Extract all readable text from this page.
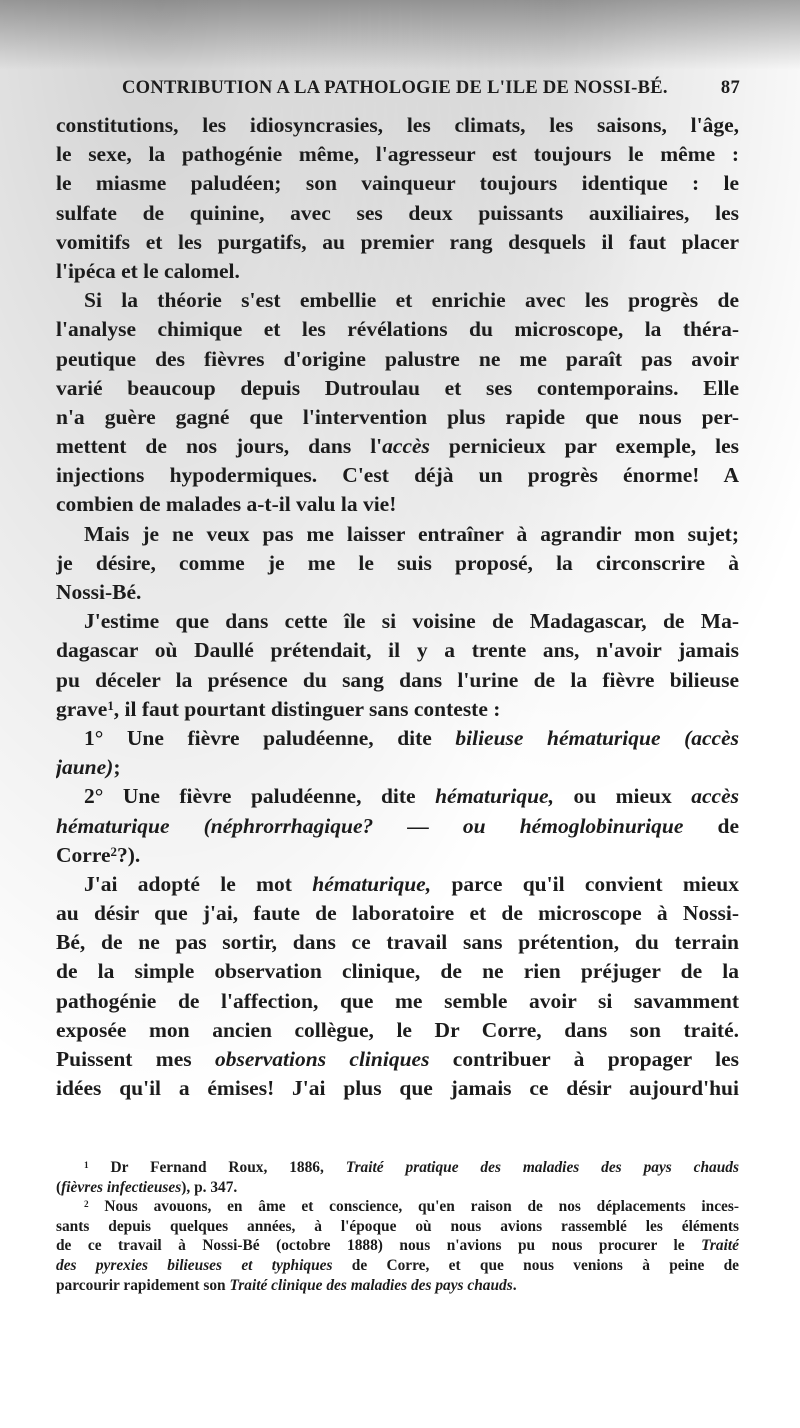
CONTRIBUTION A LA PATHOLOGIE DE L'ILE DE NOSSI-BÉ.	87
constitutions, les idiosyncrasies, les climats, les saisons, l'âge,
le sexe, la pathogénie même, l'agresseur est toujours le même :
le miasme paludéen; son vainqueur toujours identique : le
sulfate de quinine, avec ses deux puissants auxiliaires, les
vomitifs et les purgatifs, au premier rang desquels il faut placer
l'ipéca et le calomel.
Si la théorie s'est embellie et enrichie avec les progrès de
l'analyse chimique et les révélations du microscope, la théra-
peutique des fièvres d'origine palustre ne me paraît pas avoir
varié beaucoup depuis Dutroulau et ses contemporains. Elle
n'a guère gagné que l'intervention plus rapide que nous per-
mettent de nos jours, dans l'accès pernicieux par exemple, les
injections hypodermiques. C'est déjà un progrès énorme! A
combien de malades a-t-il valu la vie!
Mais je ne veux pas me laisser entraîner à agrandir mon sujet;
je désire, comme je me le suis proposé, la circonscrire à
Nossi-Bé.
J'estime que dans cette île si voisine de Madagascar, de Ma-
dagascar où Daullé prétendait, il y a trente ans, n'avoir jamais
pu déceler la présence du sang dans l'urine de la fièvre bilieuse
grave$^1$, il faut pourtant distinguer sans conteste :
1° Une fièvre paludéenne, dite bilieuse hématurique (accès
jaune);
2° Une fièvre paludéenne, dite hématurique, ou mieux accès
hématurique (néphrorrhagique? — ou hémoglobinurique de
Corre$^2$?).
J'ai adopté le mot hématurique, parce qu'il convient mieux
au désir que j'ai, faute de laboratoire et de microscope à Nossi-
Bé, de ne pas sortir, dans ce travail sans prétention, du terrain
de la simple observation clinique, de ne rien préjuger de la
pathogénie de l'affection, que me semble avoir si savamment
exposée mon ancien collègue, le Dr Corre, dans son traité.
Puissent mes observations cliniques contribuer à propager les
idées qu'il a émises! J'ai plus que jamais ce désir aujourd'hui
$^1$ Dr Fernand Roux, 1886, Traité pratique des maladies des pays chauds
(fièvres infectieuses), p. 347.
$^2$ Nous avouons, en âme et conscience, qu'en raison de nos déplacements inces-
sants depuis quelques années, à l'époque où nous avions rassemblé les éléments
de ce travail à Nossi-Bé (octobre 1888) nous n'avions pu nous procurer le Traité
des pyrexies bilieuses et typhiques de Corre, et que nous venions à peine de
parcourir rapidement son Traité clinique des maladies des pays chauds.
